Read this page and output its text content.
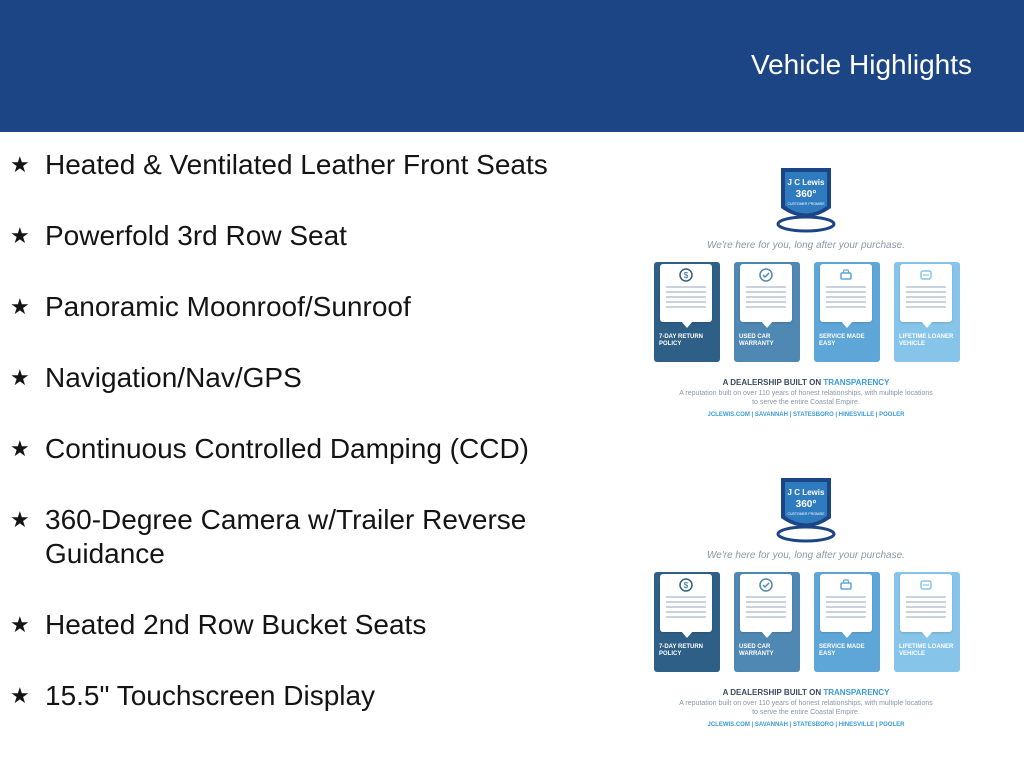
Vehicle Highlights
★ Heated & Ventilated Leather Front Seats
★ Powerfold 3rd Row Seat
★ Panoramic Moonroof/Sunroof
★ Navigation/Nav/GPS
★ Continuous Controlled Damping (CCD)
★ 360-Degree Camera w/Trailer Reverse Guidance
★ Heated 2nd Row Bucket Seats
★ 15.5" Touchscreen Display
J C Lewis
360°
CUSTOMER PROMISE
We're here for you, long after your purchase.
$
7-DAY RETURN POLICY
USED CAR WARRANTY
SERVICE MADE EASY
LIFETIME LOANER VEHICLE
A DEALERSHIP BUILT ON TRANSPARENCY
A reputation built on over 110 years of honest relationships, with multiple locations to serve the entire Coastal Empire.
JCLEWIS.COM | SAVANNAH | STATESBORO | HINESVILLE | POOLER
J C Lewis
360°
CUSTOMER PROMISE
We're here for you, long after your purchase.
$
7-DAY RETURN POLICY
USED CAR WARRANTY
SERVICE MADE EASY
LIFETIME LOANER VEHICLE
A DEALERSHIP BUILT ON TRANSPARENCY
A reputation built on over 110 years of honest relationships, with multiple locations to serve the entire Coastal Empire.
JCLEWIS.COM | SAVANNAH | STATESBORO | HINESVILLE | POOLER
